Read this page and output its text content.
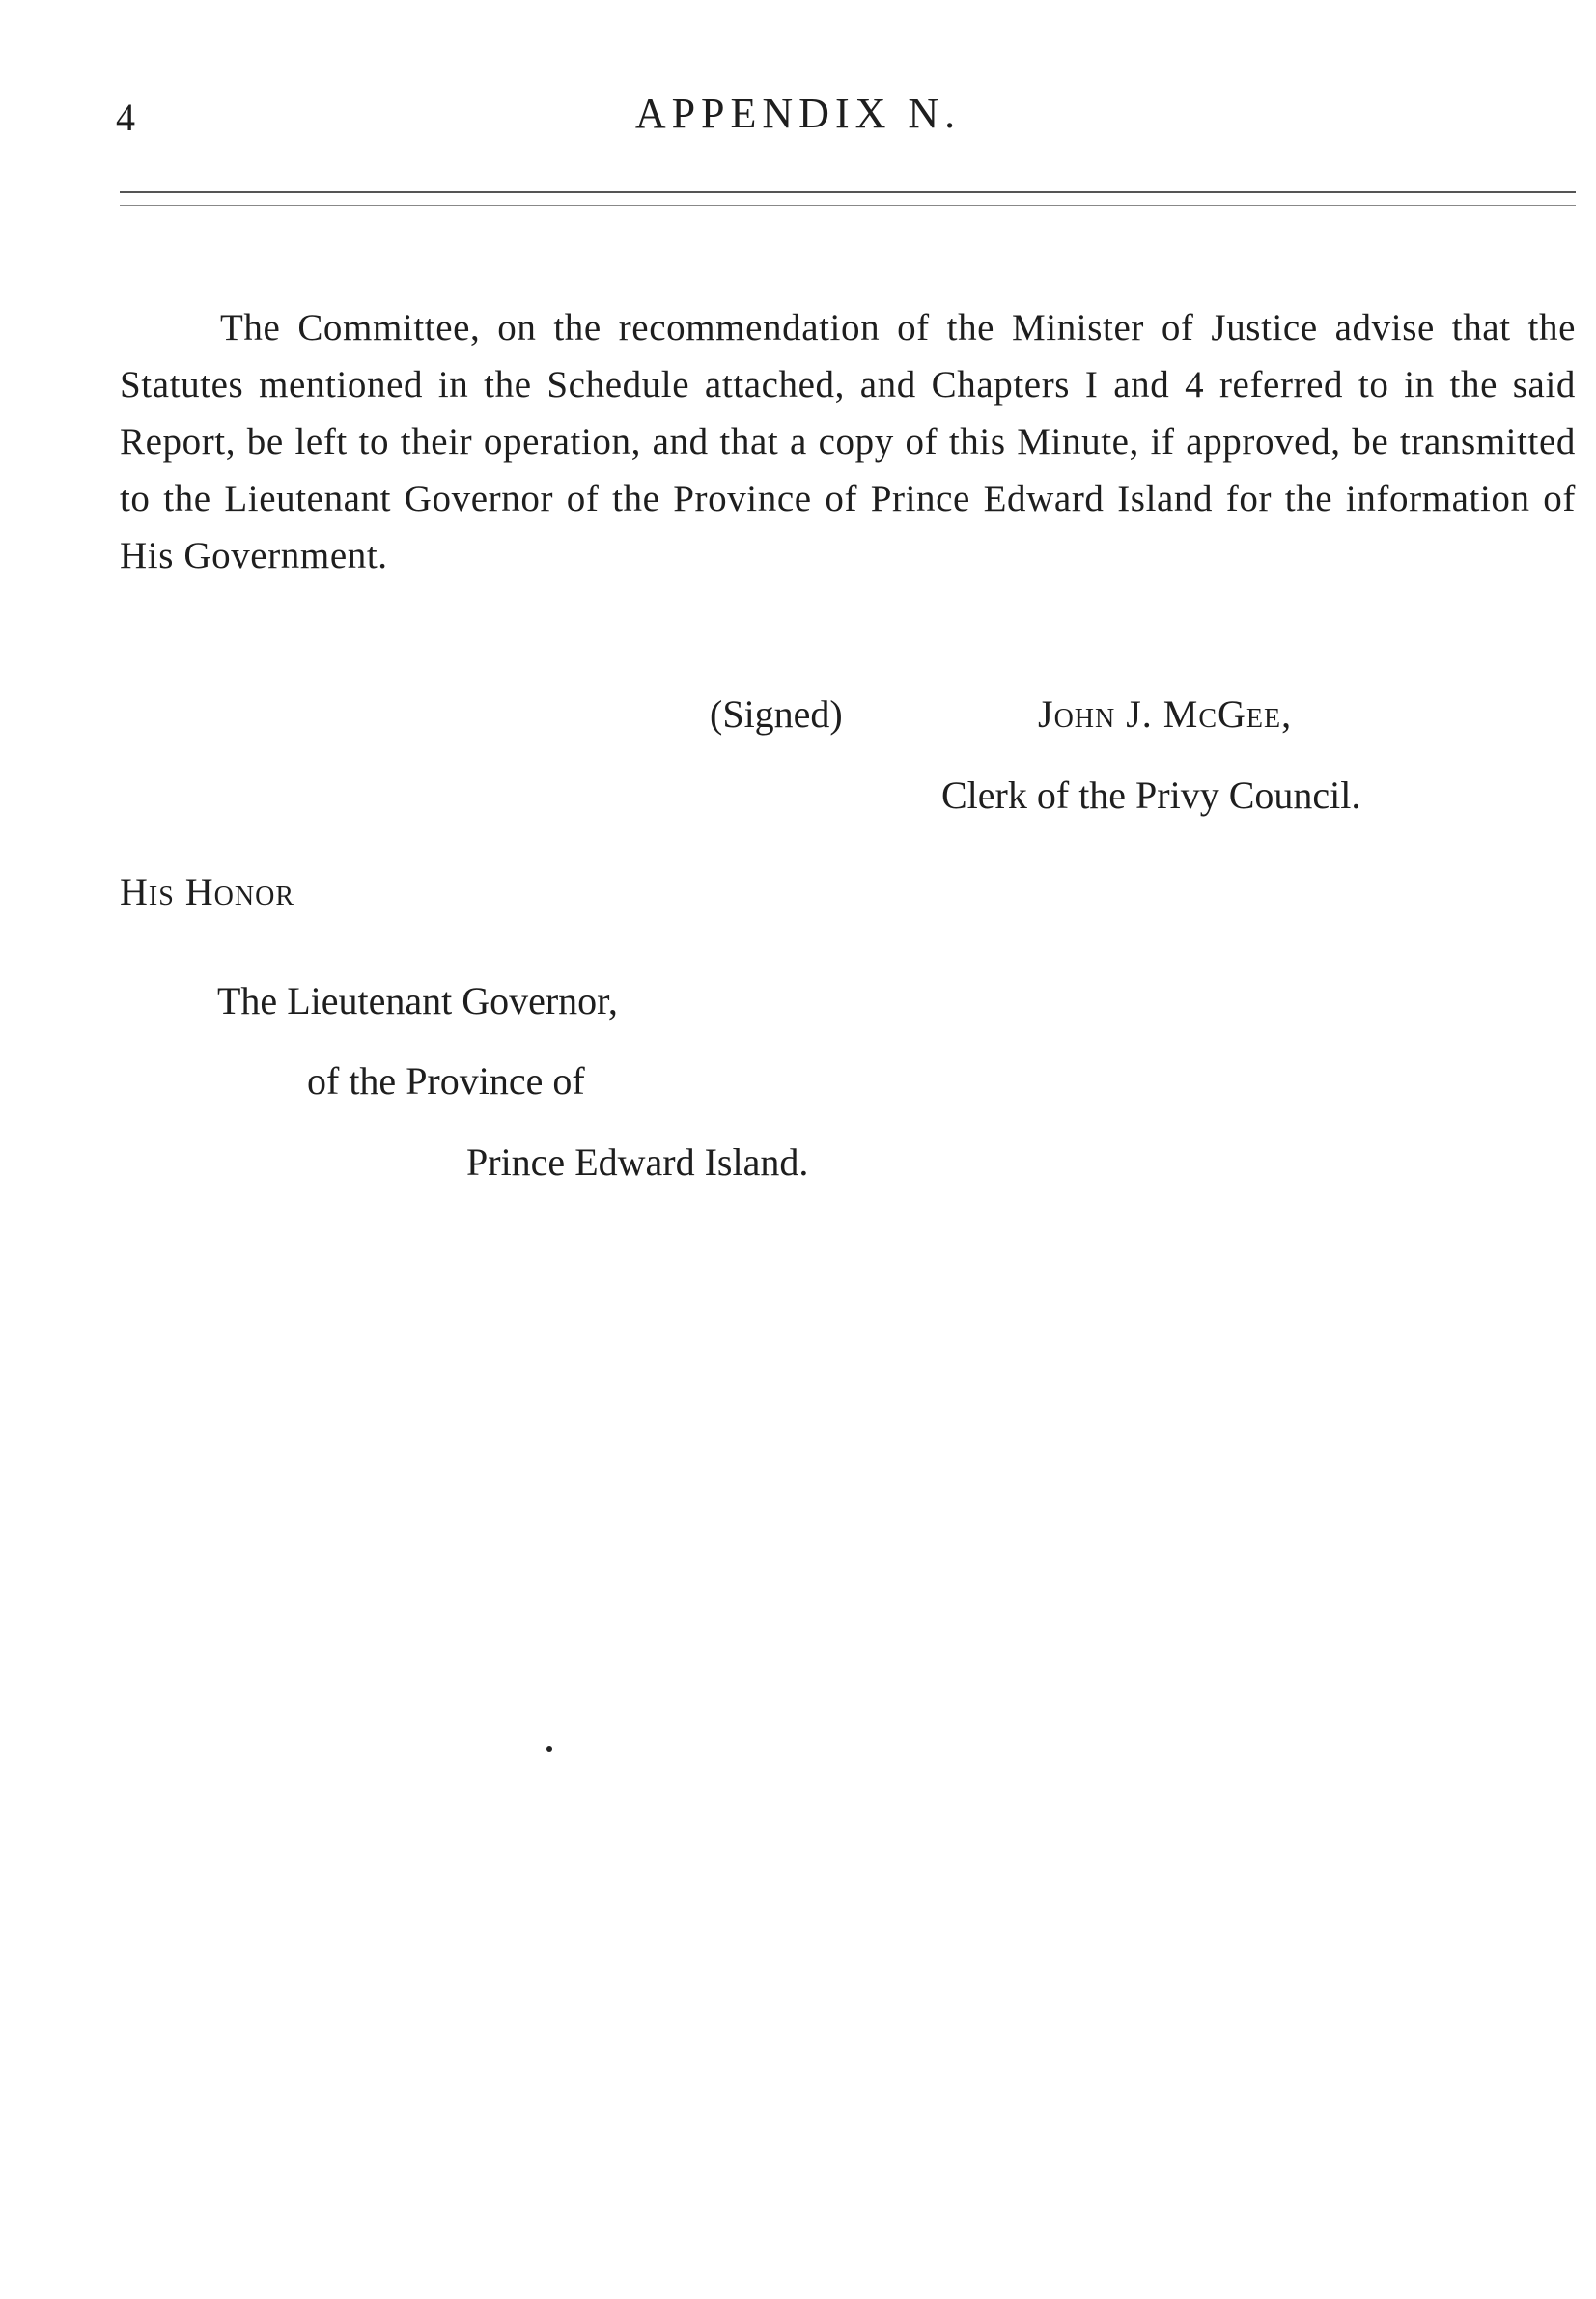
4	APPENDIX N.

The Committee, on the recommendation of the Minister of Justice advise that the Statutes mentioned in the Schedule attached, and Chapters I and 4 referred to in the said Report, be left to their operation, and that a copy of this Minute, if approved, be transmitted to the Lieutenant Governor of the Province of Prince Edward Island for the information of His Government.

(Signed)	John J. McGee,
Clerk of the Privy Council.
His Honor
The Lieutenant Governor,
of the Province of
Prince Edward Island.
